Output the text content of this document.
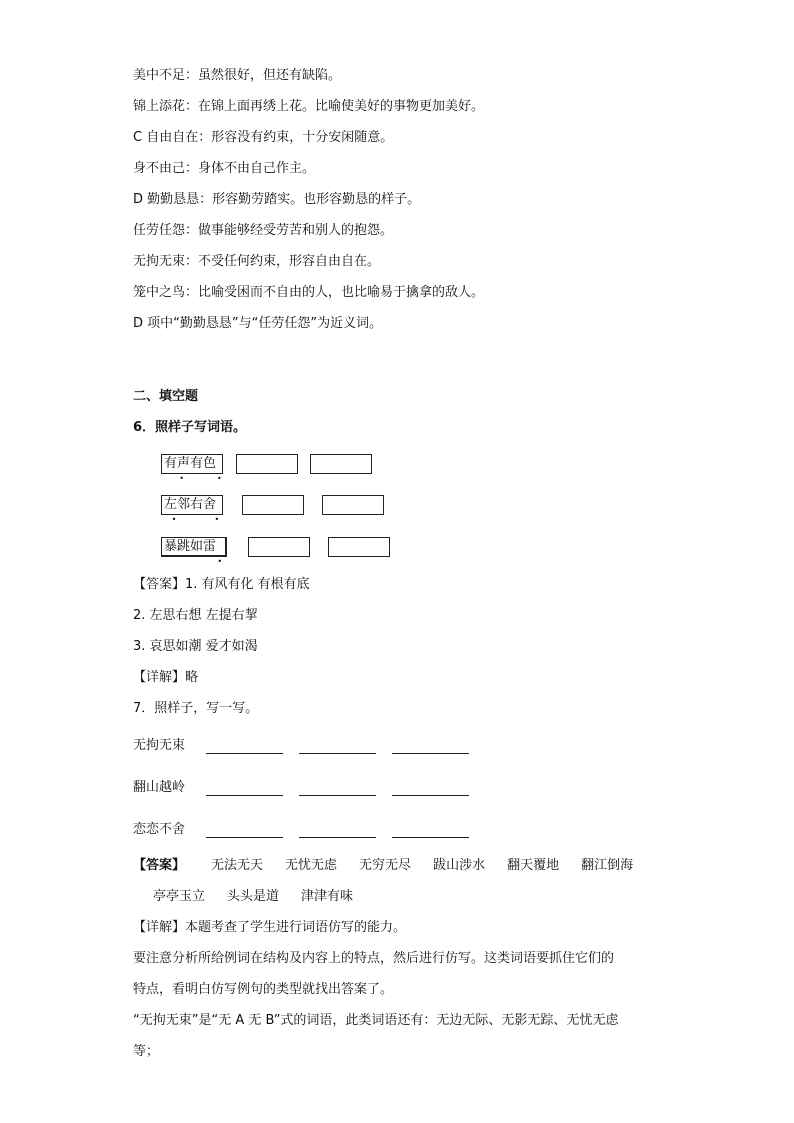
美中不足：虽然很好，但还有缺陷。
锦上添花：在锦上面再绣上花。比喻使美好的事物更加美好。
C 自由自在：形容没有约束，十分安闲随意。
身不由己：身体不由自己作主。
D 勤勤恳恳：形容勤劳踏实。也形容勤恳的样子。
任劳任怨：做事能够经受劳苦和别人的抱怨。
无拘无束：不受任何约束，形容自由自在。
笼中之鸟：比喻受困而不自由的人，也比喻易于擒拿的敌人。
D 项中“勤勤恳恳”与“任劳任怨”为近义词。
二、填空题
6．照样子写词语。
有声有色
•             •
左邻右舍
•               •
暴跳如雷
•
【答案】1. 有风有化 有根有底
2. 左思右想 左提右挈
3. 哀思如潮 爱才如渴
【详解】略
7．照样子，写一写。
无拘无束
翻山越岭
恋恋不舍
【答案】 无法无天 无忧无虑 无穷无尽 跋山涉水 翻天覆地 翻江倒海
亭亭玉立 头头是道 津津有味
【详解】本题考查了学生进行词语仿写的能力。
要注意分析所给例词在结构及内容上的特点，然后进行仿写。这类词语要抓住它们的
特点，看明白仿写例句的类型就找出答案了。
“无拘无束”是“无 A 无 B”式的词语，此类词语还有：无边无际、无影无踪、无忧无虑
等；
